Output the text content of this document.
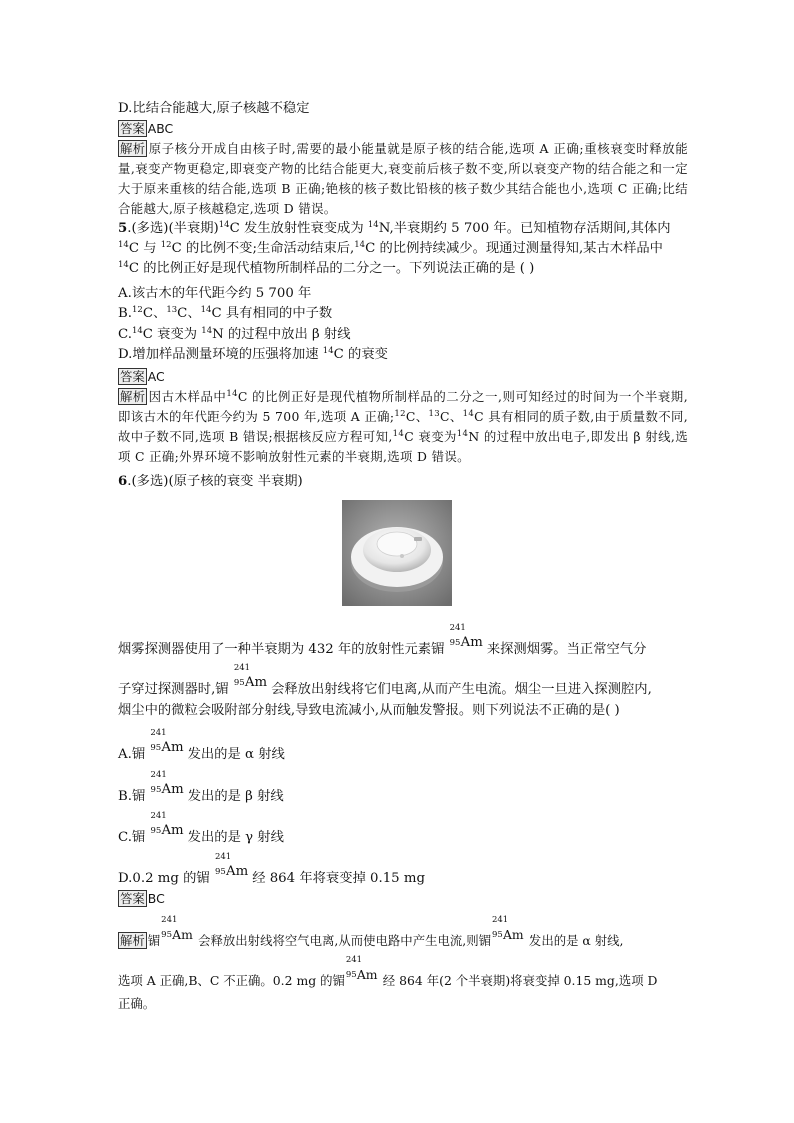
D.比结合能越大,原子核越不稳定
答案 ABC
解析 原子核分开成自由核子时,需要的最小能量就是原子核的结合能,选项 A 正确;重核衰变时释放能量,衰变产物更稳定,即衰变产物的比结合能更大,衰变前后核子数不变,所以衰变产物的结合能之和一定大于原来重核的结合能,选项 B 正确;铯核的核子数比铅核的核子数少其结合能也小,选项 C 正确;比结合能越大,原子核越稳定,选项 D 错误。
5.(多选)(半衰期)$^{14}$C 发生放射性衰变成为 $^{14}$N,半衰期约 5 700 年。已知植物存活期间,其体内
$^{14}$C 与 $^{12}$C 的比例不变;生命活动结束后,$^{14}$C 的比例持续减少。现通过测量得知,某古木样品中
$^{14}$C 的比例正好是现代植物所制样品的二分之一。下列说法正确的是 ( )
A.该古木的年代距今约 5 700 年
B.$^{12}$C、$^{13}$C、$^{14}$C 具有相同的中子数
C.$^{14}$C 衰变为 $^{14}$N 的过程中放出 β 射线
D.增加样品测量环境的压强将加速 $^{14}$C 的衰变
答案 AC
解析 因古木样品中$^{14}$C 的比例正好是现代植物所制样品的二分之一,则可知经过的时间为一个半衰期,即该古木的年代距今约为 5 700 年,选项 A 正确;$^{12}$C、$^{13}$C、$^{14}$C 具有相同的质子数,由于质量数不同,故中子数不同,选项 B 错误;根据核反应方程可知,$^{14}$C 衰变为$^{14}$N 的过程中放出电子,即发出 β 射线,选项 C 正确;外界环境不影响放射性元素的半衰期,选项 D 错误。
6.(多选)(原子核的衰变 半衰期)
烟雾探测器使用了一种半衰期为 432 年的放射性元素镅
241
95 Am 来探测烟雾。当正常空气分
子穿过探测器时,镅
241
95 Am 会释放出射线将它们电离,从而产生电流。烟尘一旦进入探测腔内,
烟尘中的微粒会吸附部分射线,导致电流减小,从而触发警报。则下列说法不正确的是( )
A.镅
241
95 Am 发出的是 α 射线
B.镅
241
95 Am 发出的是 β 射线
C.镅
241
95 Am 发出的是 γ 射线
D.0.2 mg 的镅
241
95 Am 经 864 年将衰变掉 0.15 mg
答案 BC
解析 镅
241
95 Am 会释放出射线将空气电离,从而使电路中产生电流,则镅
241
95 Am 发出的是 α 射线,
选项 A 正确,B、C 不正确。0.2 mg 的镅
241
95 Am 经 864 年(2 个半衰期)将衰变掉 0.15 mg,选项 D
正确。
